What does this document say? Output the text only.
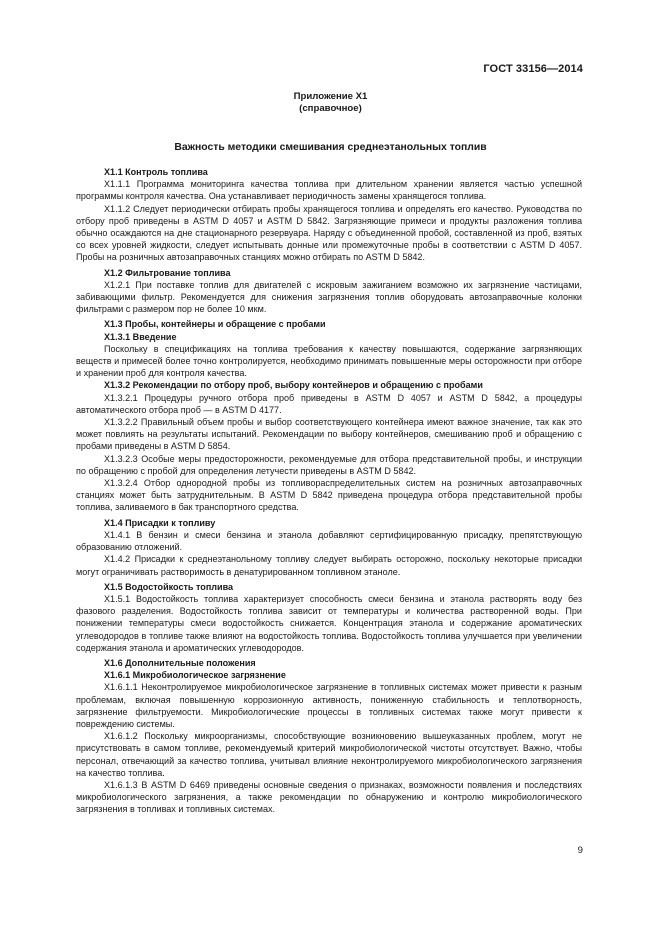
ГОСТ 33156—2014
Приложение X1
(справочное)
Важность методики смешивания среднеэтанольных топлив

X1.1 Контроль топлива

X1.1.1 Программа мониторинга качества топлива при длительном хранении является частью успешной программы контроля качества. Она устанавливает периодичность замены хранящегося топлива.

X1.1.2 Следует периодически отбирать пробы хранящегося топлива и определять его качество. Руководства по отбору проб приведены в ASTM D 4057 и ASTM D 5842. Загрязняющие примеси и продукты разложения топлива обычно осаждаются на дне стационарного резервуара. Наряду с объединенной пробой, составленной из проб, взятых со всех уровней жидкости, следует испытывать донные или промежуточные пробы в соответствии с ASTM D 4057. Пробы на розничных автозаправочных станциях можно отбирать по ASTM D 5842.

X1.2 Фильтрование топлива

X1.2.1 При поставке топлив для двигателей с искровым зажиганием возможно их загрязнение частицами, забивающими фильтр. Рекомендуется для снижения загрязнения топлив оборудовать автозаправочные колонки фильтрами с размером пор не более 10 мкм.

X1.3 Пробы, контейнеры и обращение с пробами

X1.3.1 Введение

Поскольку в спецификациях на топлива требования к качеству повышаются, содержание загрязняющих веществ и примесей более точно контролируется, необходимо принимать повышенные меры осторожности при отборе и хранении проб для контроля качества.

X1.3.2 Рекомендации по отбору проб, выбору контейнеров и обращению с пробами

X1.3.2.1 Процедуры ручного отбора проб приведены в ASTM D 4057 и ASTM D 5842, а процедуры автоматического отбора проб — в ASTM D 4177.

X1.3.2.2 Правильный объем пробы и выбор соответствующего контейнера имеют важное значение, так как это может повлиять на результаты испытаний. Рекомендации по выбору контейнеров, смешиванию проб и обращению с пробами приведены в ASTM D 5854.

X1.3.2.3 Особые меры предосторожности, рекомендуемые для отбора представительной пробы, и инструкции по обращению с пробой для определения летучести приведены в ASTM D 5842.

X1.3.2.4 Отбор однородной пробы из топливораспределительных систем на розничных автозаправочных станциях может быть затруднительным. В ASTM D 5842 приведена процедура отбора представительной пробы топлива, заливаемого в бак транспортного средства.

X1.4 Присадки к топливу

X1.4.1 В бензин и смеси бензина и этанола добавляют сертифицированную присадку, препятствующую образованию отложений.

X1.4.2 Присадки к среднеэтанольному топливу следует выбирать осторожно, поскольку некоторые присадки могут ограничивать растворимость в денатурированном топливном этаноле.

X1.5 Водостойкость топлива

X1.5.1 Водостойкость топлива характеризует способность смеси бензина и этанола растворять воду без фазового разделения. Водостойкость топлива зависит от температуры и количества растворенной воды. При понижении температуры смеси водостойкость снижается. Концентрация этанола и содержание ароматических углеводородов в топливе также влияют на водостойкость топлива. Водостойкость топлива улучшается при увеличении содержания этанола и ароматических углеводородов.

X1.6 Дополнительные положения

X1.6.1 Микробиологическое загрязнение

X1.6.1.1 Неконтролируемое микробиологическое загрязнение в топливных системах может привести к разным проблемам, включая повышенную коррозионную активность, пониженную стабильность и теплотворность, загрязнение фильтруемости. Микробиологические процессы в топливных системах также могут привести к повреждению системы.

X1.6.1.2 Поскольку микроорганизмы, способствующие возникновению вышеуказанных проблем, могут не присутствовать в самом топливе, рекомендуемый критерий микробиологической чистоты отсутствует. Важно, чтобы персонал, отвечающий за качество топлива, учитывал влияние неконтролируемого микробиологического загрязнения на качество топлива.

X1.6.1.3 В ASTM D 6469 приведены основные сведения о признаках, возможности появления и последствиях микробиологического загрязнения, а также рекомендации по обнаружению и контролю микробиологического загрязнения в топливах и топливных системах.

9
